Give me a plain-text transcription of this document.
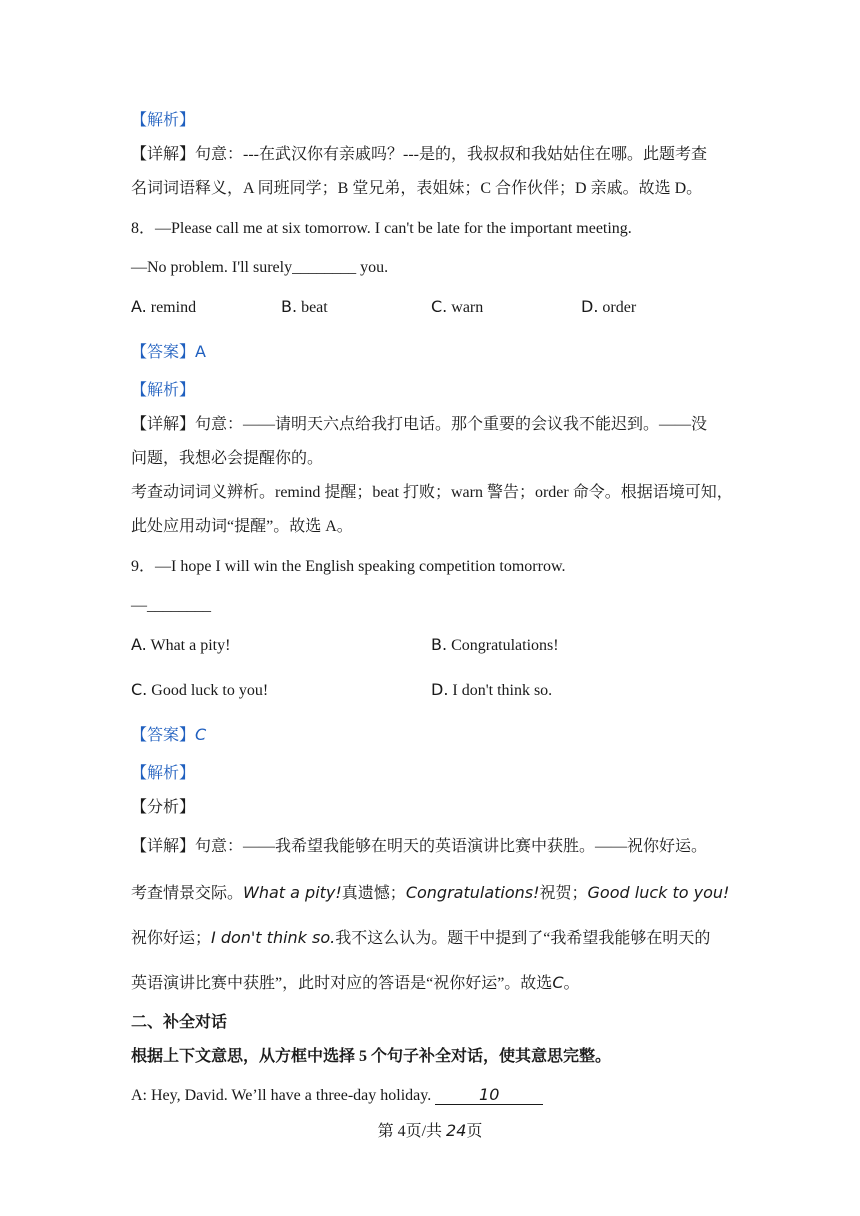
【解析】
【详解】句意：---在武汉你有亲戚吗？---是的，我叔叔和我姑姑住在哪。此题考查
名词词语释义，A 同班同学；B 堂兄弟，表姐妹；C 合作伙伴；D 亲戚。故选 D。
8．—Please call me at six tomorrow. I can't be late for the important meeting.
—No problem. I'll surely________ you.
A. remind	B. beat	C. warn	D. order
【答案】A
【解析】
【详解】句意：——请明天六点给我打电话。那个重要的会议我不能迟到。——没
问题，我想必会提醒你的。
考查动词词义辨析。remind 提醒；beat 打败；warn 警告；order 命令。根据语境可知，
此处应用动词“提醒”。故选 A。
9．—I hope I will win the English speaking competition tomorrow.
—________
A. What a pity!	B. Congratulations!
C. Good luck to you!	D. I don't think so.
【答案】C
【解析】
【分析】
【详解】句意：——我希望我能够在明天的英语演讲比赛中获胜。——祝你好运。
考查情景交际。What a pity!真遗憾；Congratulations!祝贺；Good luck to you!
祝你好运；I don't think so.我不这么认为。题干中提到了“我希望我能够在明天的
英语演讲比赛中获胜”，此时对应的答语是“祝你好运”。故选C。
二、补全对话
根据上下文意思，从方框中选择 5 个句子补全对话，使其意思完整。
A: Hey, David. We’ll have a three-day holiday.	10
第 4页/共 24页
